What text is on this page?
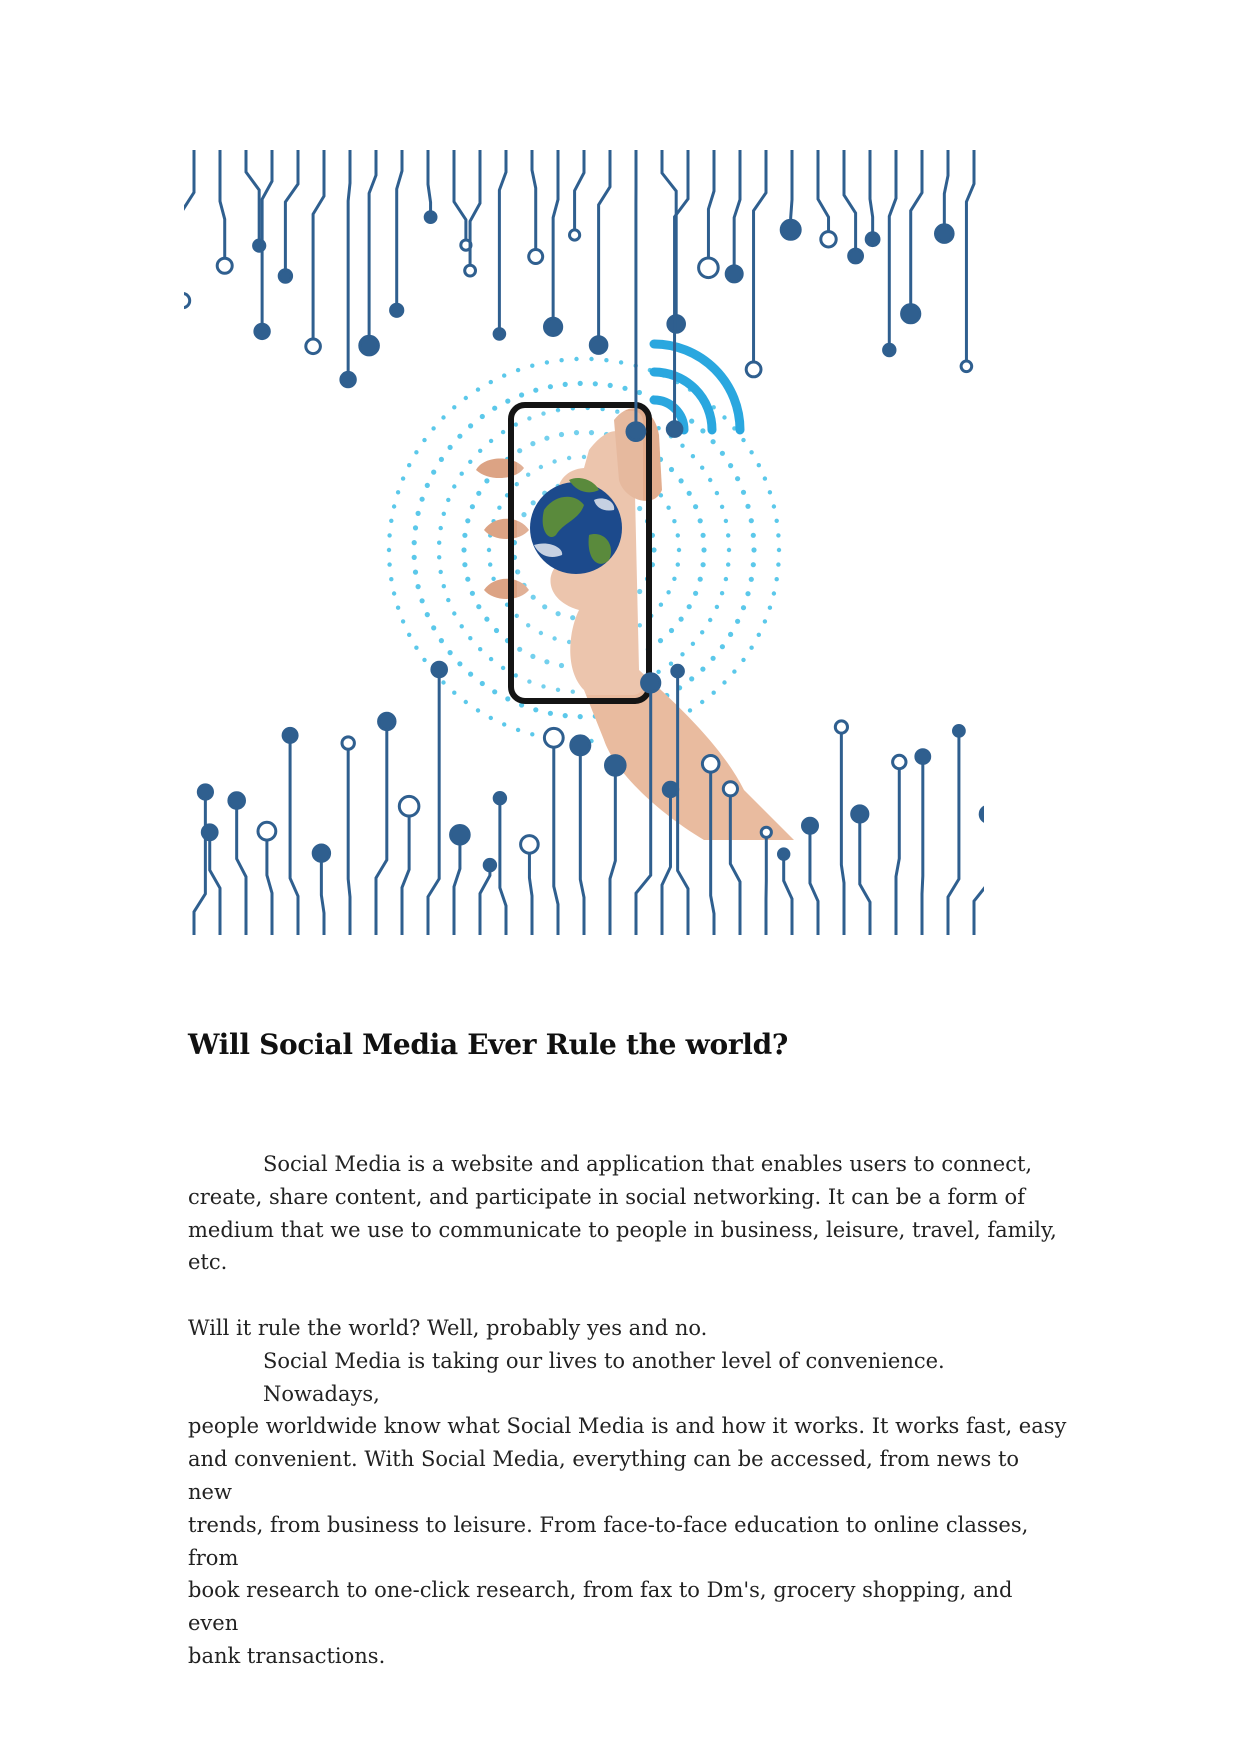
Will Social Media Ever Rule the world?

Social Media is a website and application that enables users to connect,
create, share content, and participate in social networking. It can be a form of
medium that we use to communicate to people in business, leisure, travel, family, etc.

Will it rule the world? Well, probably yes and no.

Social Media is taking our lives to another level of convenience. Nowadays,
people worldwide know what Social Media is and how it works. It works fast, easy
and convenient. With Social Media, everything can be accessed, from news to new
trends, from business to leisure. From face-to-face education to online classes, from
book research to one-click research, from fax to Dm's, grocery shopping, and even
bank transactions.
